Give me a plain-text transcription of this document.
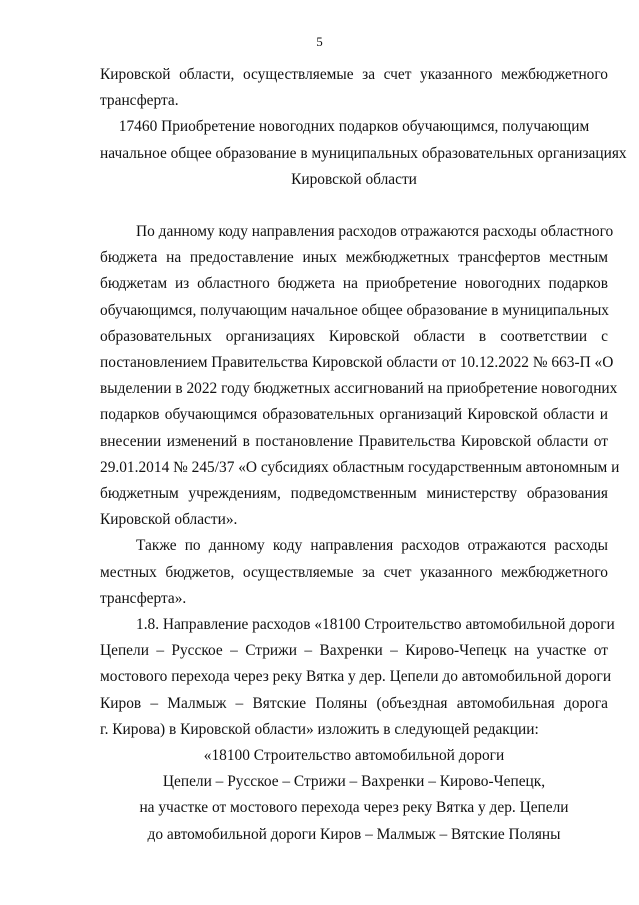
5
Кировской области, осуществляемые за счет указанного межбюджетного
трансферта.
17460 Приобретение новогодних подарков обучающимся, получающим
начальное общее образование в муниципальных образовательных организациях
Кировской области
По данному коду направления расходов отражаются расходы областного
бюджета на предоставление иных межбюджетных трансфертов местным
бюджетам из областного бюджета на приобретение новогодних подарков
обучающимся, получающим начальное общее образование в муниципальных
образовательных организациях Кировской области в соответствии с
постановлением Правительства Кировской области от 10.12.2022 № 663-П «О
выделении в 2022 году бюджетных ассигнований на приобретение новогодних
подарков обучающимся образовательных организаций Кировской области и
внесении изменений в постановление Правительства Кировской области от
29.01.2014 № 245/37 «О субсидиях областным государственным автономным и
бюджетным учреждениям, подведомственным министерству образования
Кировской области».
Также по данному коду направления расходов отражаются расходы
местных бюджетов, осуществляемые за счет указанного межбюджетного
трансферта».
1.8. Направление расходов «18100 Строительство автомобильной дороги
Цепели – Русское – Стрижи – Вахренки – Кирово-Чепецк на участке от
мостового перехода через реку Вятка у дер. Цепели до автомобильной дороги
Киров – Малмыж – Вятские Поляны (объездная автомобильная дорога
г. Кирова) в Кировской области» изложить в следующей редакции:
«18100 Строительство автомобильной дороги
Цепели – Русское – Стрижи – Вахренки – Кирово-Чепецк,
на участке от мостового перехода через реку Вятка у дер. Цепели
до автомобильной дороги Киров – Малмыж – Вятские Поляны
